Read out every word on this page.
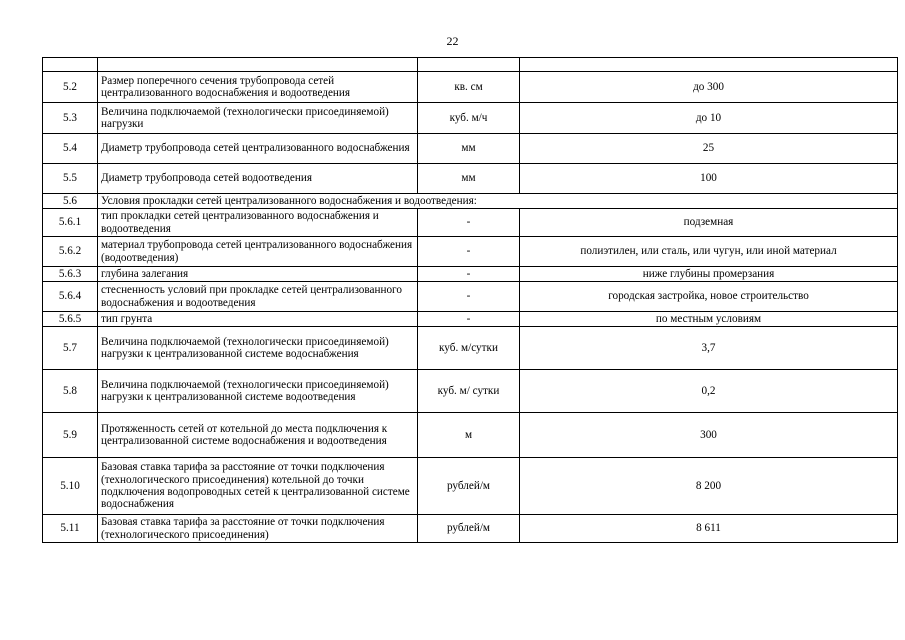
22

5.2	Размер поперечного сечения трубопровода сетей централизованного водоснабжения и водоотведения	кв. см	до 300
5.3	Величина подключаемой (технологически присоединяемой) нагрузки	куб. м/ч	до 10
5.4	Диаметр трубопровода сетей централизованного водоснабжения	мм	25
5.5	Диаметр трубопровода сетей водоотведения	мм	100
5.6	Условия прокладки сетей централизованного водоснабжения и водоотведения:		
5.6.1	тип прокладки сетей централизованного водоснабжения и водоотведения	-	подземная
5.6.2	материал трубопровода сетей централизованного водоснабжения (водоотведения)	-	полиэтилен, или сталь, или чугун, или иной материал
5.6.3	глубина залегания	-	ниже глубины промерзания
5.6.4	стесненность условий при прокладке сетей централизованного водоснабжения и водоотведения	-	городская застройка, новое строительство
5.6.5	тип грунта	-	по местным условиям
5.7	Величина подключаемой (технологически присоединяемой) нагрузки к централизованной системе водоснабжения	куб. м/сутки	3,7
5.8	Величина подключаемой (технологически присоединяемой) нагрузки к централизованной системе водоотведения	куб. м/ сутки	0,2
5.9	Протяженность сетей от котельной до места подключения к централизованной системе водоснабжения и водоотведения	м	300
5.10	Базовая ставка тарифа за расстояние от точки подключения (технологического присоединения) котельной до точки подключения водопроводных сетей к централизованной системе водоснабжения	рублей/м	8 200
5.11	Базовая ставка тарифа за расстояние от точки подключения (технологического присоединения)	рублей/м	8 611
